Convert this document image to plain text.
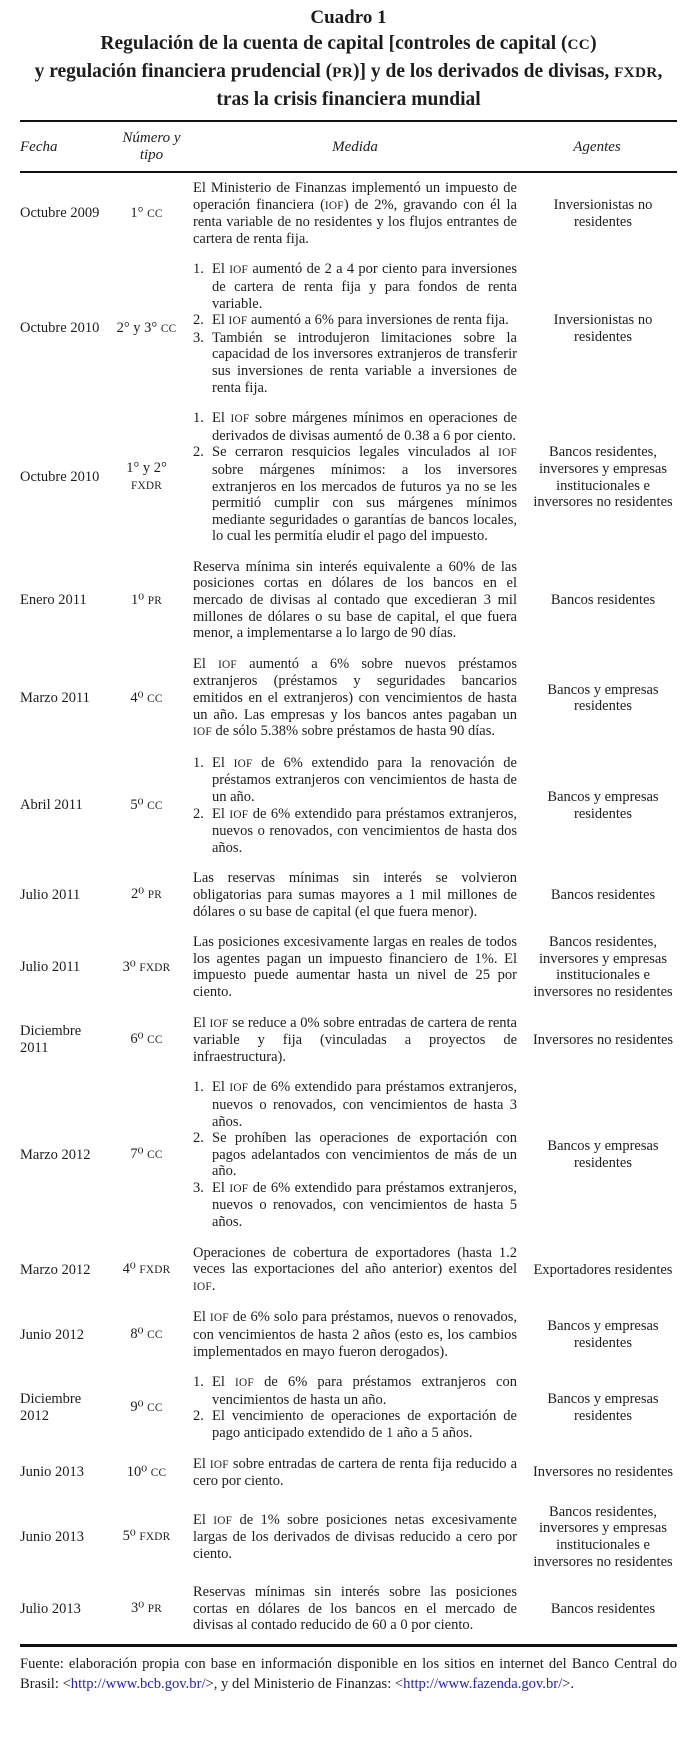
Cuadro 1
Regulación de la cuenta de capital [controles de capital (CC)
y regulación financiera prudencial (PR)] y de los derivados de divisas, FXDR,
tras la crisis financiera mundial
Fecha	Número y tipo	Medida	Agentes
Octubre 2009	1° CC	El Ministerio de Finanzas implementó un impuesto de operación financiera (IOF) de 2%, gravando con él la renta variable de no residentes y los flujos entrantes de cartera de renta fija.	Inversionistas no residentes
Octubre 2010	2° y 3° CC	
1. El IOF aumentó de 2 a 4 por ciento para inversiones de cartera de renta fija y para fondos de renta variable.
2. El IOF aumentó a 6% para inversiones de renta fija.
3. También se introdujeron limitaciones sobre la capacidad de los inversores extranjeros de transferir sus inversiones de renta variable a inversiones de renta fija.
	Inversionistas no residentes
Octubre 2010	1° y 2° FXDR	1. El IOF sobre márgenes mínimos en operaciones de derivados de divisas aumentó de 0.38 a 6 por ciento.
2. Se cerraron resquicios legales vinculados al IOF sobre márgenes mínimos: a los inversores extranjeros en los mercados de futuros ya no se les permitió cumplir con sus márgenes mínimos mediante seguridades o garantías de bancos locales, lo cual les permitía eludir el pago del impuesto.	Bancos residentes, inversores y empresas institucionales e inversores no residentes
Enero 2011	1⁰ PR	Reserva mínima sin interés equivalente a 60% de las posiciones cortas en dólares de los bancos en el mercado de divisas al contado que excedieran 3 mil millones de dólares o su base de capital, el que fuera menor, a implementarse a lo largo de 90 días.	Bancos residentes
Marzo 2011	4⁰ CC	El IOF aumentó a 6% sobre nuevos préstamos extranjeros (préstamos y seguridades bancarios emitidos en el extranjeros) con vencimientos de hasta un año. Las empresas y los bancos antes pagaban un IOF de sólo 5.38% sobre préstamos de hasta 90 días.	Bancos y empresas residentes
Abril 2011	5⁰ CC	1. El IOF de 6% extendido para la renovación de préstamos extranjeros con vencimientos de hasta de un año.
2. El IOF de 6% extendido para préstamos extranjeros, nuevos o renovados, con vencimientos de hasta dos años.	Bancos y empresas residentes
Julio 2011	2⁰ PR	Las reservas mínimas sin interés se volvieron obligatorias para sumas mayores a 1 mil millones de dólares o su base de capital (el que fuera menor).	Bancos residentes
Julio 2011	3⁰ FXDR	Las posiciones excesivamente largas en reales de todos los agentes pagan un impuesto financiero de 1%. El impuesto puede aumentar hasta un nivel de 25 por ciento.	Bancos residentes, inversores y empresas institucionales e inversores no residentes
Diciembre 2011	6⁰ CC	El IOF se reduce a 0% sobre entradas de cartera de renta variable y fija (vinculadas a proyectos de infraestructura).	Inversores no residentes
Marzo 2012	7⁰ CC	
1. El IOF de 6% extendido para préstamos extranjeros, nuevos o renovados, con vencimientos de hasta 3 años.
2. Se prohíben las operaciones de exportación con pagos adelantados con vencimientos de más de un año.
3. El IOF de 6% extendido para préstamos extranjeros, nuevos o renovados, con vencimientos de hasta 5 años.
	Bancos y empresas residentes
Marzo 2012	4⁰ FXDR	Operaciones de cobertura de exportadores (hasta 1.2 veces las exportaciones del año anterior) exentos del IOF.	Exportadores residentes
Junio 2012	8⁰ CC	El IOF de 6% solo para préstamos, nuevos o renovados, con vencimientos de hasta 2 años (esto es, los cambios implementados en mayo fueron derogados).	Bancos y empresas residentes
Diciembre 2012	9⁰ CC	1. El IOF de 6% para préstamos extranjeros con vencimientos de hasta un año.
2. El vencimiento de operaciones de exportación de pago anticipado extendido de 1 año a 5 años.	Bancos y empresas residentes
Junio 2013	10⁰ CC	El IOF sobre entradas de cartera de renta fija reducido a cero por ciento.	Inversores no residentes
Junio 2013	5⁰ FXDR	El IOF de 1% sobre posiciones netas excesivamente largas de los derivados de divisas reducido a cero por ciento.	Bancos residentes, inversores y empresas institucionales e inversores no residentes
Julio 2013	3⁰ PR	Reservas mínimas sin interés sobre las posiciones cortas en dólares de los bancos en el mercado de divisas al contado reducido de 60 a 0 por ciento.	Bancos residentes
Fuente: elaboración propia con base en información disponible en los sitios en internet del Banco Central do Brasil: <http://www.bcb.gov.br/>, y del Ministerio de Finanzas: <http://www.fazenda.gov.br/>.
